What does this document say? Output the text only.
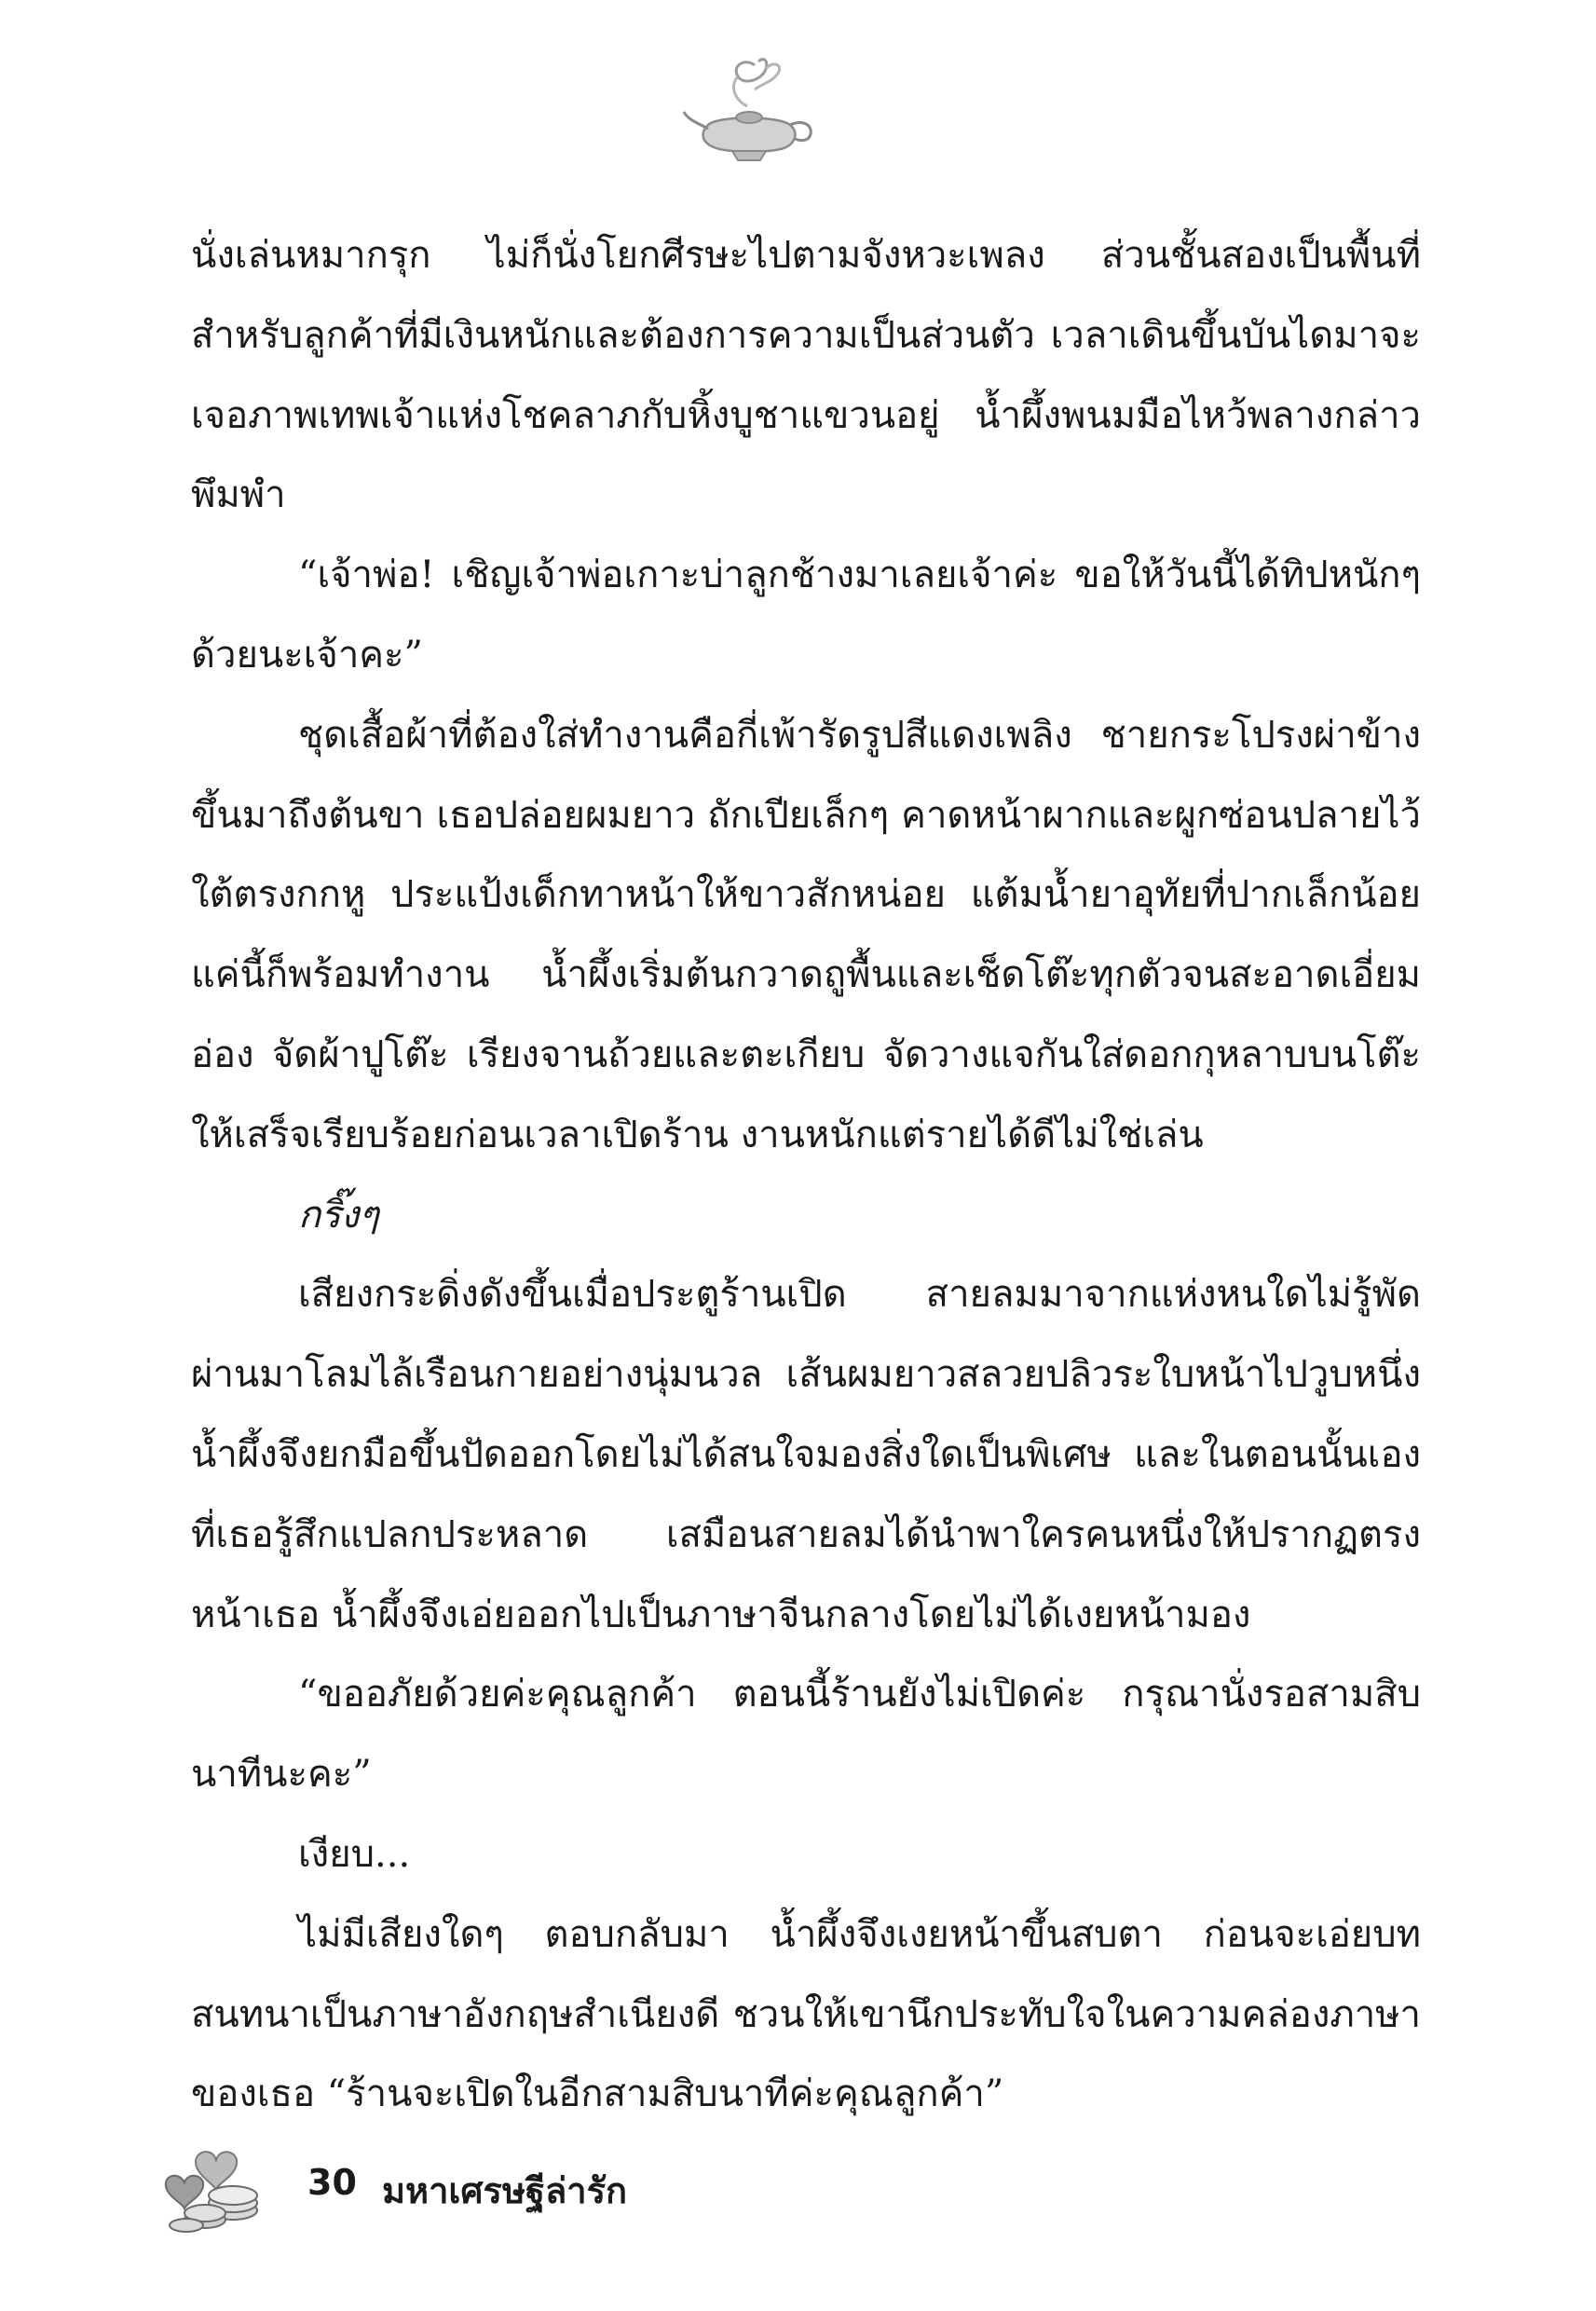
นั่งเล่นหมากรุก ไม่ก็นั่งโยกศีรษะไปตามจังหวะเพลง ส่วนชั้นสองเป็นพื้นที่สำหรับลูกค้าที่มีเงินหนักและต้องการความเป็นส่วนตัว เวลาเดินขึ้นบันไดมาจะเจอภาพเทพเจ้าแห่งโชคลาภกับหิ้งบูชาแขวนอยู่ น้ำผึ้งพนมมือไหว้พลางกล่าวพึมพำ

“เจ้าพ่อ! เชิญเจ้าพ่อเกาะบ่าลูกช้างมาเลยเจ้าค่ะ ขอให้วันนี้ได้ทิปหนักๆ ด้วยนะเจ้าคะ”

ชุดเสื้อผ้าที่ต้องใส่ทำงานคือกี่เพ้ารัดรูปสีแดงเพลิง ชายกระโปรงผ่าข้างขึ้นมาถึงต้นขา เธอปล่อยผมยาว ถักเปียเล็กๆ คาดหน้าผากและผูกซ่อนปลายไว้ใต้ตรงกกหู ประแป้งเด็กทาหน้าให้ขาวสักหน่อย แต้มน้ำยาอุทัยที่ปากเล็กน้อย แค่นี้ก็พร้อมทำงาน น้ำผึ้งเริ่มต้นกวาดถูพื้นและเช็ดโต๊ะทุกตัวจนสะอาดเอี่ยมอ่อง จัดผ้าปูโต๊ะ เรียงจานถ้วยและตะเกียบ จัดวางแจกันใส่ดอกกุหลาบบนโต๊ะให้เสร็จเรียบร้อยก่อนเวลาเปิดร้าน งานหนักแต่รายได้ดีไม่ใช่เล่น

กริ๊งๆ

เสียงกระดิ่งดังขึ้นเมื่อประตูร้านเปิด สายลมมาจากแห่งหนใดไม่รู้พัดผ่านมาโลมไล้เรือนกายอย่างนุ่มนวล เส้นผมยาวสลวยปลิวระใบหน้าไปวูบหนึ่ง น้ำผึ้งจึงยกมือขึ้นปัดออกโดยไม่ได้สนใจมองสิ่งใดเป็นพิเศษ และในตอนนั้นเองที่เธอรู้สึกแปลกประหลาด เสมือนสายลมได้นำพาใครคนหนึ่งให้ปรากฏตรงหน้าเธอ น้ำผึ้งจึงเอ่ยออกไปเป็นภาษาจีนกลางโดยไม่ได้เงยหน้ามอง

“ขออภัยด้วยค่ะคุณลูกค้า ตอนนี้ร้านยังไม่เปิดค่ะ กรุณานั่งรอสามสิบนาทีนะคะ”

เงียบ...

ไม่มีเสียงใดๆ ตอบกลับมา น้ำผึ้งจึงเงยหน้าขึ้นสบตา ก่อนจะเอ่ยบทสนทนาเป็นภาษาอังกฤษสำเนียงดี ชวนให้เขานึกประทับใจในความคล่องภาษาของเธอ “ร้านจะเปิดในอีกสามสิบนาทีค่ะคุณลูกค้า”

30 มหาเศรษฐีล่ารัก
